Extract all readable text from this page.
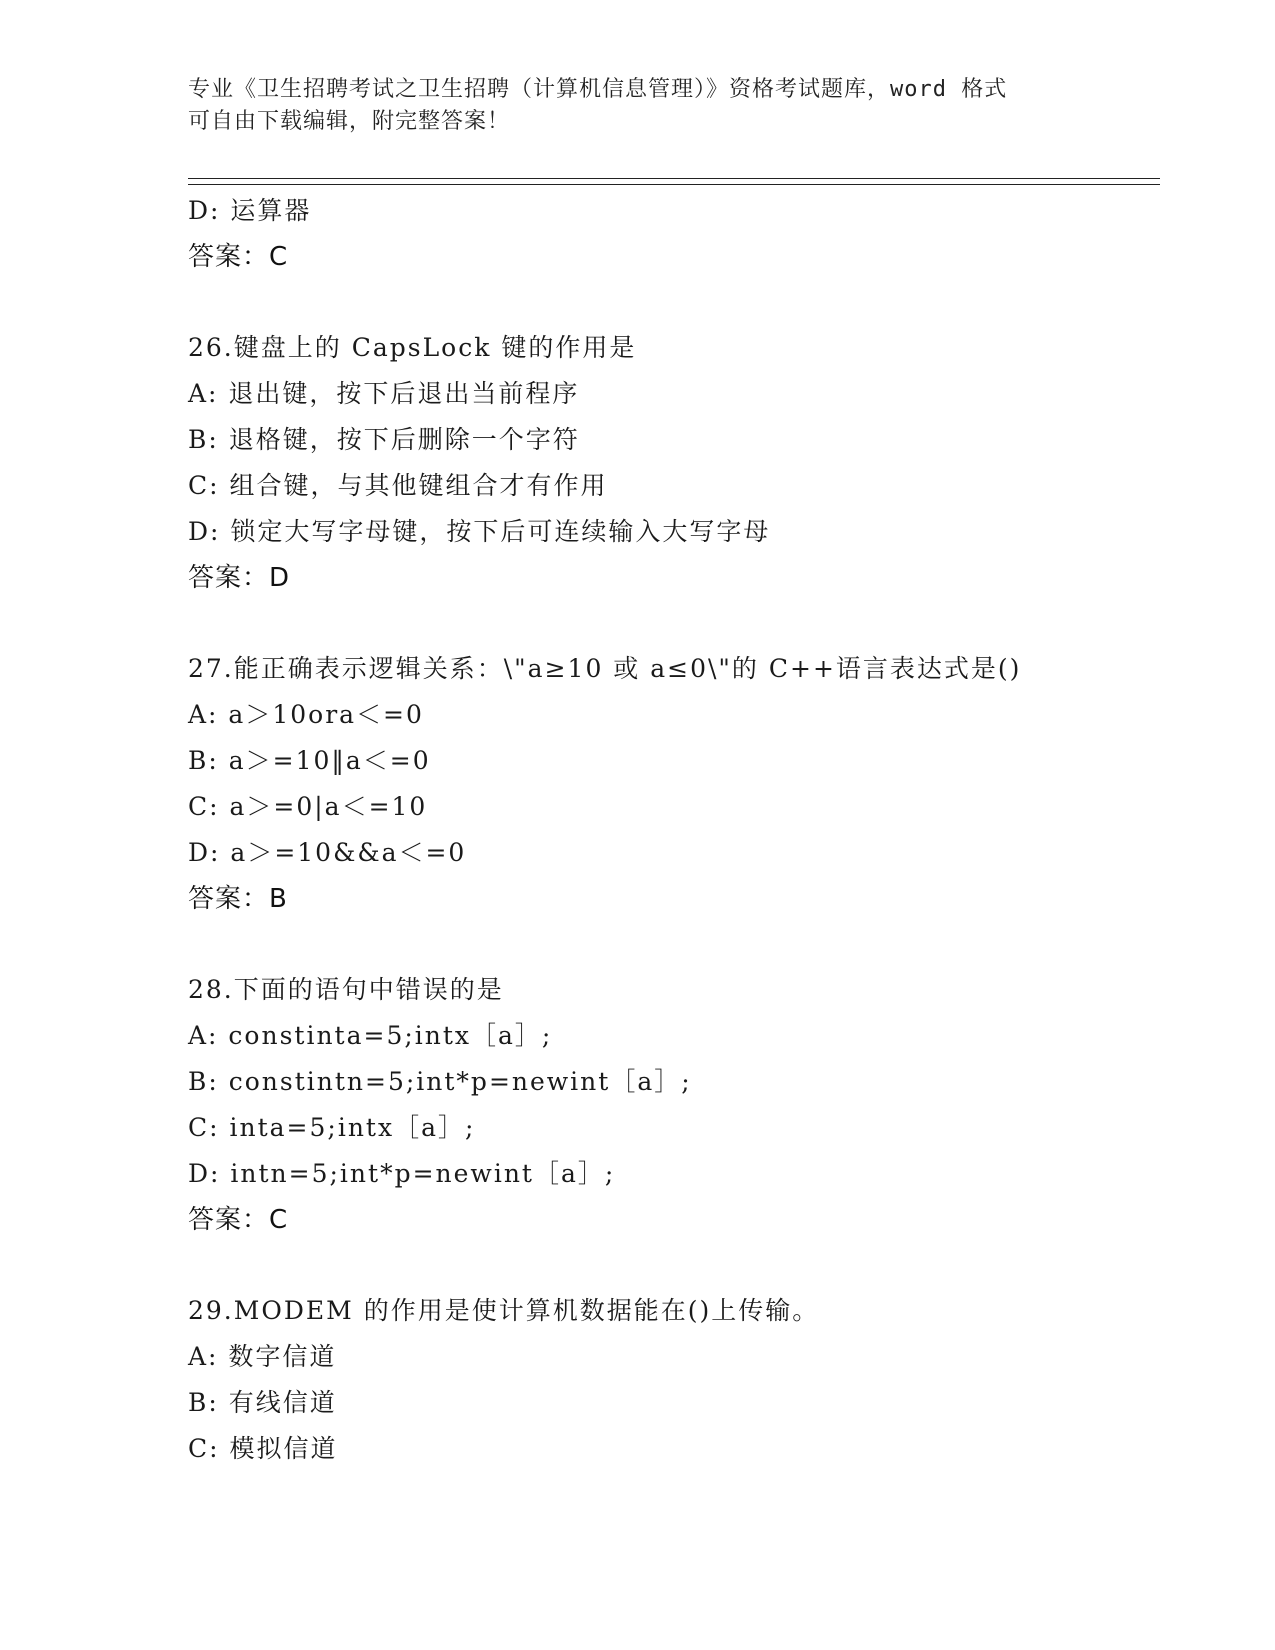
专业《卫生招聘考试之卫生招聘（计算机信息管理）》资格考试题库，word 格式
可自由下载编辑，附完整答案！
D: 运算器
答案：C
26.键盘上的 CapsLock 键的作用是
A: 退出键，按下后退出当前程序
B: 退格键，按下后删除一个字符
C: 组合键，与其他键组合才有作用
D: 锁定大写字母键，按下后可连续输入大写字母
答案：D
27.能正确表示逻辑关系：\"a≥10 或 a≤0\"的 C++语言表达式是()
A: a＞10ora＜=0
B: a＞=10‖a＜=0
C: a＞=0|a＜=10
D: a＞=10&&a＜=0
答案：B
28.下面的语句中错误的是
A: constinta=5;intx［a］;
B: constintn=5;int*p=newint［a］;
C: inta=5;intx［a］;
D: intn=5;int*p=newint［a］;
答案：C
29.MODEM 的作用是使计算机数据能在()上传输。
A: 数字信道
B: 有线信道
C: 模拟信道
